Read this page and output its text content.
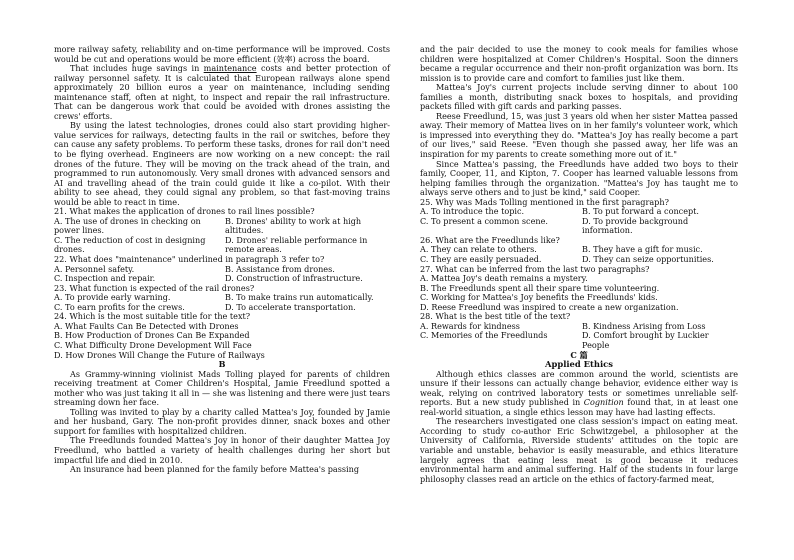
more railway safety, reliability and on-time performance will be improved. Costs would be cut and operations would be more efficient (效率) across the board.

That includes huge savings in maintenance costs and better protection of railway personnel safety. It is calculated that European railways alone spend approximately 20 billion euros a year on maintenance, including sending maintenance staff, often at night, to inspect and repair the rail infrastructure. That can be dangerous work that could be avoided with drones assisting the crews' efforts.

By using the latest technologies, drones could also start providing higher-value services for railways, detecting faults in the rail or switches, before they can cause any safety problems. To perform these tasks, drones for rail don't need to be flying overhead. Engineers are now working on a new concept: the rail drones of the future. They will be moving on the track ahead of the train, and programmed to run autonomously. Very small drones with advanced sensors and AI and travelling ahead of the train could guide it like a co-pilot. With their ability to see ahead, they could signal any problem, so that fast-moving trains would be able to react in time.

21. What makes the application of drones to rail lines possible?

A. The use of drones in checking on power lines.
B. Drones' ability to work at high altitudes.
C. The reduction of cost in designing drones.
D. Drones' reliable performance in remote areas.

22. What does "maintenance" underlined in paragraph 3 refer to?

A. Personnel safety.	B. Assistance from drones.
C. Inspection and repair.	D. Construction of infrastructure.

23. What function is expected of the rail drones?

A. To provide early warning.	B. To make trains run automatically.
C. To earn profits for the crews.	D. To accelerate transportation.

24. Which is the most suitable title for the text?

A. What Faults Can Be Detected with Drones
B. How Production of Drones Can Be Expanded
C. What Difficulty Drone Development Will Face
D. How Drones Will Change the Future of Railways

B

As Grammy-winning violinist Mads Tolling played for parents of children receiving treatment at Comer Children's Hospital, Jamie Freedlund spotted a mother who was just taking it all in — she was listening and there were just tears streaming down her face.

Tolling was invited to play by a charity called Mattea's Joy, founded by Jamie and her husband, Gary. The non-profit provides dinner, snack boxes and other support for families with hospitalized children.

The Freedlunds founded Mattea's Joy in honor of their daughter Mattea Joy Freedlund, who battled a variety of health challenges during her short but impactful life and died in 2010.

An insurance had been planned for the family before Mattea's passing

and the pair decided to use the money to cook meals for families whose children were hospitalized at Comer Children's Hospital. Soon the dinners became a regular occurrence and their non-profit organization was born. Its mission is to provide care and comfort to families just like them.

Mattea's Joy's current projects include serving dinner to about 100 families a month, distributing snack boxes to hospitals, and providing packets filled with gift cards and parking passes.

Reese Freedlund, 15, was just 3 years old when her sister Mattea passed away. Their memory of Mattea lives on in her family's volunteer work, which is impressed into everything they do. "Mattea's Joy has really become a part of our lives," said Reese. "Even though she passed away, her life was an inspiration for my parents to create something more out of it."

Since Mattea's passing, the Freedlunds have added two boys to their family, Cooper, 11, and Kipton, 7. Cooper has learned valuable lessons from helping families through the organization. "Mattea's Joy has taught me to always serve others and to just be kind," said Cooper.

25. Why was Mads Tolling mentioned in the first paragraph?

A. To introduce the topic.	B. To put forward a concept.
C. To present a common scene.	D. To provide background information.

26. What are the Freedlunds like?

A. They can relate to others.	B. They have a gift for music.
C. They are easily persuaded.	D. They can seize opportunities.

27. What can be inferred from the last two paragraphs?

A. Mattea Joy's death remains a mystery.
B. The Freedlunds spent all their spare time volunteering.
C. Working for Mattea's Joy benefits the Freedlunds' kids.
D. Reese Freedlund was inspired to create a new organization.

28. What is the best title of the text?

A. Rewards for kindness	B. Kindness Arising from Loss
C. Memories of the Freedlunds	D. Comfort brought by Luckier People

C 篇

Applied Ethics

Although ethics classes are common around the world, scientists are unsure if their lessons can actually change behavior, evidence either way is weak, relying on contrived laboratory tests or sometimes unreliable self-reports. But a new study published in Cognition found that, in at least one real-world situation, a single ethics lesson may have had lasting effects.

The researchers investigated one class session's impact on eating meat. According to study co-author Eric Schwitzgebel, a philosopher at the University of California, Riverside students' attitudes on the topic are variable and unstable, behavior is easily measurable, and ethics literature largely agrees that eating less meat is good because it reduces environmental harm and animal suffering. Half of the students in four large philosophy classes read an article on the ethics of factory-farmed meat,
